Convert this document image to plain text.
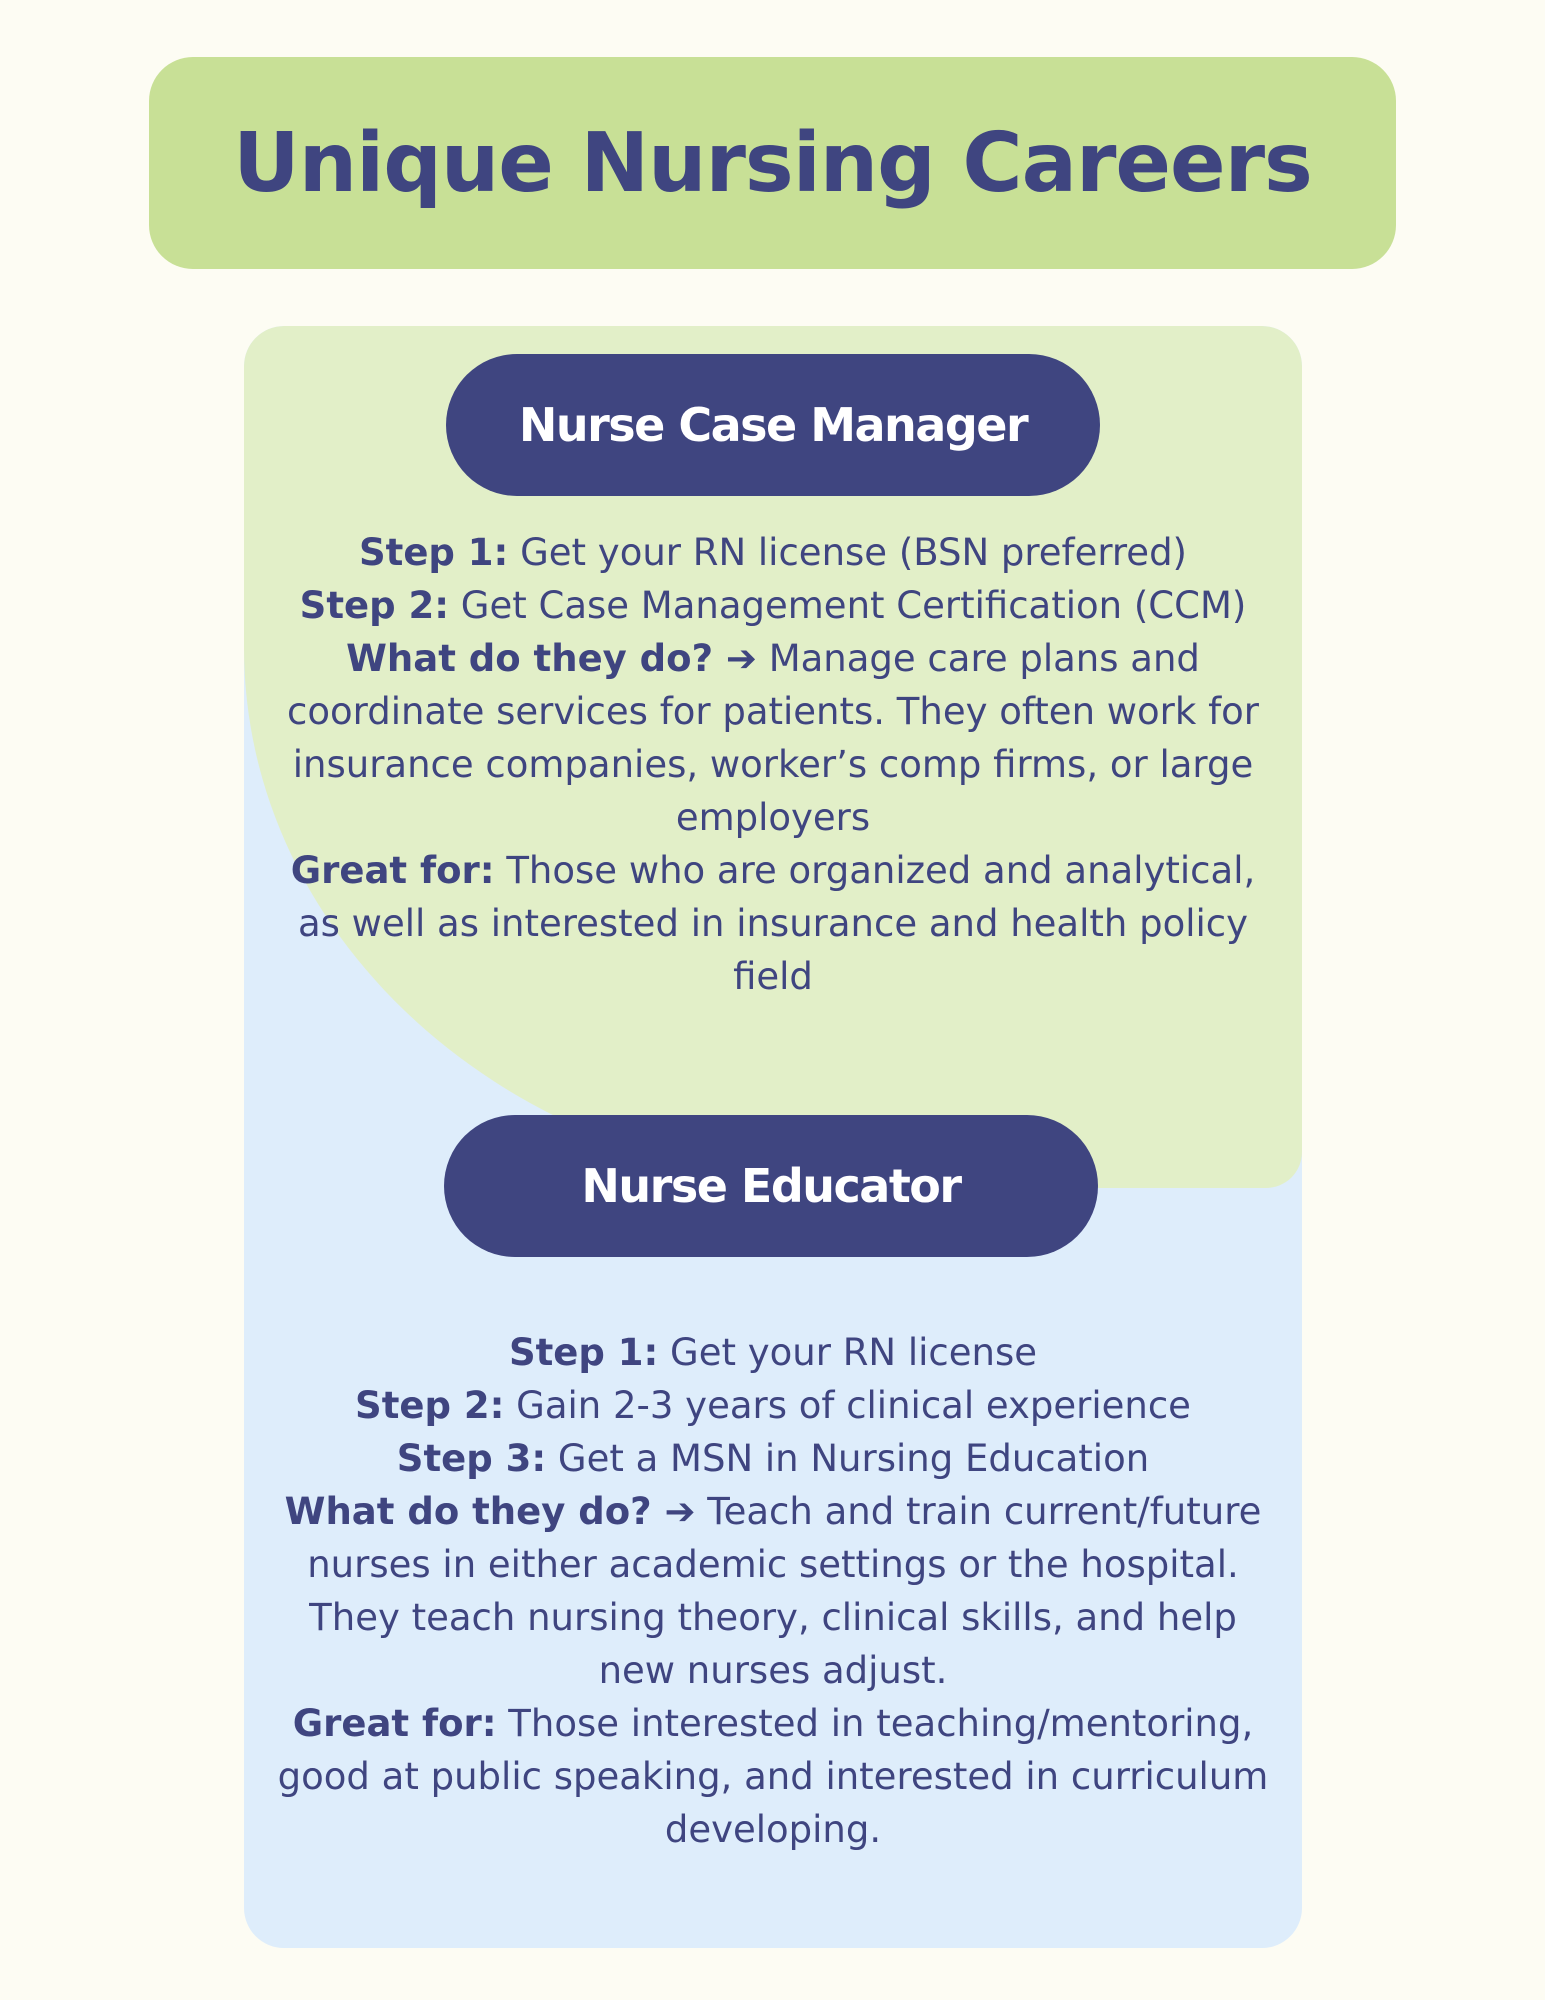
Unique Nursing Careers
Nurse Case Manager

Step 1: Get your RN license (BSN preferred)

Step 2: Get Case Management Certification (CCM)

What do they do? ➔ Manage care plans and coordinate services for patients. They often work for insurance companies, worker’s comp firms, or large employers

Great for: Those who are organized and analytical, as well as interested in insurance and health policy field

Nurse Educator

Step 1: Get your RN license

Step 2: Gain 2-3 years of clinical experience

Step 3: Get a MSN in Nursing Education

What do they do? ➔ Teach and train current/future nurses in either academic settings or the hospital. They teach nursing theory, clinical skills, and help new nurses adjust.

Great for: Those interested in teaching/mentoring, good at public speaking, and interested in curriculum developing.
